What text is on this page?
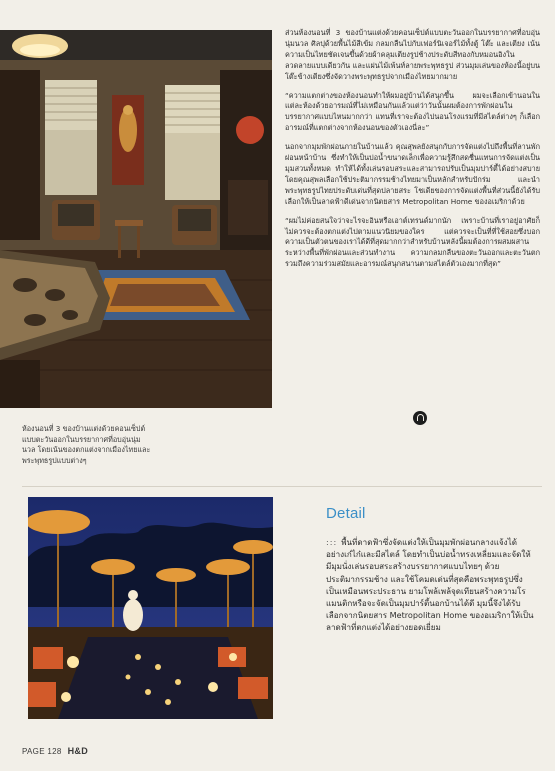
ห้องนอนที่ 3 ของบ้านแต่งด้วยคอนเซ็ปต์แบบตะวันออกในบรรยากาศที่อบอุ่นนุ่มนวล โดยเน้นของตกแต่งจากเมืองไทยและพระพุทธรูปแบบต่างๆ

ส่วนห้องนอนที่ 3 ของบ้านแต่งด้วยคอนเซ็ปต์แบบตะวันออกในบรรยากาศที่อบอุ่นนุ่มนวล ศิลปุด้วยพื้นไม้สีเข้ม กลมกลืนไปกับเฟอร์นิเจอร์ไม้ทั้งตู้ โต๊ะ และเตียง เน้นความเป็นไทยชัดเจนขึ้นด้วยผ้าคลุมเตียงรูปช้างประดับสีทองกับหมอนอิงในลวดลายแบบเดียวกัน และแผ่นไม้เพ้นท์ลายพระพุทธรูป ส่วนมุมเล่นของห้องนี้อยู่บนโต๊ะข้างเตียงซึ่งจัดวางพระพุทธรูปจากเมืองไทยมากมาย

“ความแตกต่างของห้องนอนทำให้ผมอยู่บ้านได้สนุกขึ้น ผมจะเลือกเข้านอนในแต่ละห้องด้วยอารมณ์ที่ไม่เหมือนกันแล้วแต่ว่าวันนั้นผมต้องการพักผ่อนในบรรยากาศแบบไหนมากกว่า แทนที่เราจะต้องไปนอนโรงแรมที่มีสไตล์ต่างๆ ก็เลือกอารมณ์ที่แตกต่างจากห้องนอนของตัวเองนี่ละ”

นอกจากมุมพักผ่อนภายในบ้านแล้ว คุณสุพลยังสนุกกับการจัดแต่งไปถึงพื้นที่ลานพักผ่อนหน้าบ้าน ซึ่งทำให้เป็นบ่อน้ำขนาดเล็กเพื่อความรู้สึกสดชื่นแทนการจัดแต่งเป็นมุมสวนทั้งหมด ทำให้ได้ทั้งเล่นรอบสระและสามารถปรับเป็นมุมปาร์ตี้ได้อย่างสบาย โดยคุณสุพลเลือกใช้ประติมากรรมช้างไทยมาเป็นหลักสำหรับปักร่ม และนำพระพุทธรูปไทยประดับเด่นที่สุดปลายสระ โชเดียของการจัดแต่งพื้นที่ส่วนนี้ยังได้รับเลือกให้เป็นลาดฟ้าดีเด่นจากนิตยสาร Metropolitan Home ของอเมริกาด้วย

“ผมไม่ค่อยสนใจว่าจะไรจะอินหรือเอาต์เทรนด์มากนัก เพราะบ้านที่เราอยู่อาศัยก็ไม่ควรจะต้องตกแต่งไปตามแนวนิยมของใคร แต่ควรจะเป็นที่ที่ใช้สอยซึ่งบอกความเป็นตัวตนของเราได้ดีที่สุดมากกว่าสำหรับบ้านหลังนี้ผมต้องการผสมผสานระหว่างพื้นที่พักผ่อนและส่วนทำงาน ความกลมกลืนของตะวันออกและตะวันตก รวมถึงความร่วมสมัยและอารมณ์สนุกสนานตามสไตล์ตัวเองมากที่สุด”

Detail
::: พื้นที่ดาดฟ้าซึ่งจัดแต่งให้เป็นมุมพักผ่อนกลางแจ้งได้อย่างเก๋ไก๋และมีสไตล์ โดยทำเป็นบ่อน้ำทรงเหลี่ยมและจัดให้มีมุมนั่งเล่นรอบสระสร้างบรรยากาศแบบไทยๆ ด้วยประติมากรรมช้าง และใช้โคมดเด่นที่สุดคือพระพุทธรูปซึ่งเป็นเหมือนพระประธาน ยามโพล้เพล้จุดเทียนสร้างความโรแมนติกหรือจะจัดเป็นมุมปาร์ตี้นอกบ้านได้ดี มุมนี้จึงได้รับเลือกจากนิตยสาร Metropolitan Home ของอเมริกาให้เป็นลาดฟ้าที่ตกแต่งได้อย่างยอดเยี่ยม
PAGE 128 H&D
